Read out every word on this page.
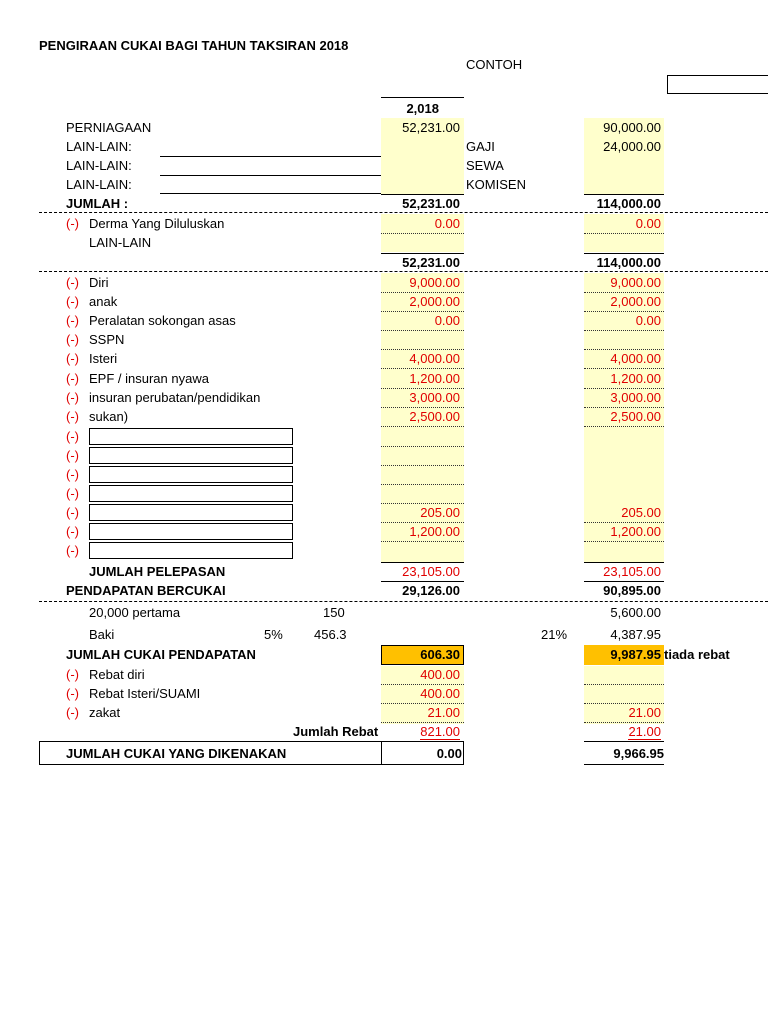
PENGIRAAN CUKAI BAGI TAHUN TAKSIRAN 2018
CONTOH
2,018
PERNIAGAAN	52,231.00	90,000.00
LAIN-LAIN:	GAJI	24,000.00
LAIN-LAIN:	SEWA
LAIN-LAIN:	KOMISEN
JUMLAH :	52,231.00	114,000.00
(-) Derma Yang Diluluskan	0.00	0.00
LAIN-LAIN
52,231.00	114,000.00
(-) Diri	9,000.00	9,000.00
(-) anak	2,000.00	2,000.00
(-) Peralatan sokongan asas	0.00	0.00
(-) SSPN
(-) Isteri	4,000.00	4,000.00
(-) EPF / insuran nyawa	1,200.00	1,200.00
(-) insuran perubatan/pendidikan	3,000.00	3,000.00
(-) sukan)	2,500.00	2,500.00
(-)
(-)
(-)
(-)
(-)	205.00	205.00
(-)	1,200.00	1,200.00
(-)
JUMLAH PELEPASAN	23,105.00	23,105.00
PENDAPATAN BERCUKAI	29,126.00	90,895.00
20,000 pertama	150	5,600.00
Baki	5% 456.3	21%	4,387.95
JUMLAH CUKAI PENDAPATAN	606.30	9,987.95 tiada rebat
(-) Rebat diri	400.00
(-) Rebat Isteri/SUAMI	400.00
(-) zakat	21.00	21.00
Jumlah Rebat	821.00	21.00
JUMLAH CUKAI YANG DIKENAKAN	0.00	9,966.95
